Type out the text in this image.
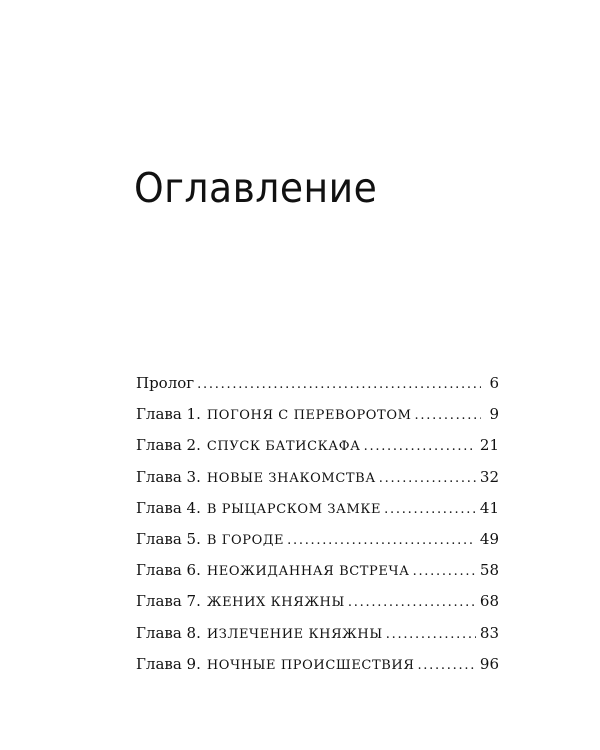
Оглавление
Пролог . . .	6
Глава 1. ПОГОНЯ С ПЕРЕВОРОТОМ . . .	9
Глава 2. СПУСК БАТИСКАФА . . .	21
Глава 3. НОВЫЕ ЗНАКОМСТВА . . .	32
Глава 4. В РЫЦАРСКОМ ЗАМКЕ . . .	41
Глава 5. В ГОРОДЕ . . .	49
Глава 6. НЕОЖИДАННАЯ ВСТРЕЧА . . .	58
Глава 7. ЖЕНИХ КНЯЖНЫ . . .	68
Глава 8. ИЗЛЕЧЕНИЕ КНЯЖНЫ . . .	83
Глава 9. НОЧНЫЕ ПРОИСШЕСТВИЯ . . .	96
